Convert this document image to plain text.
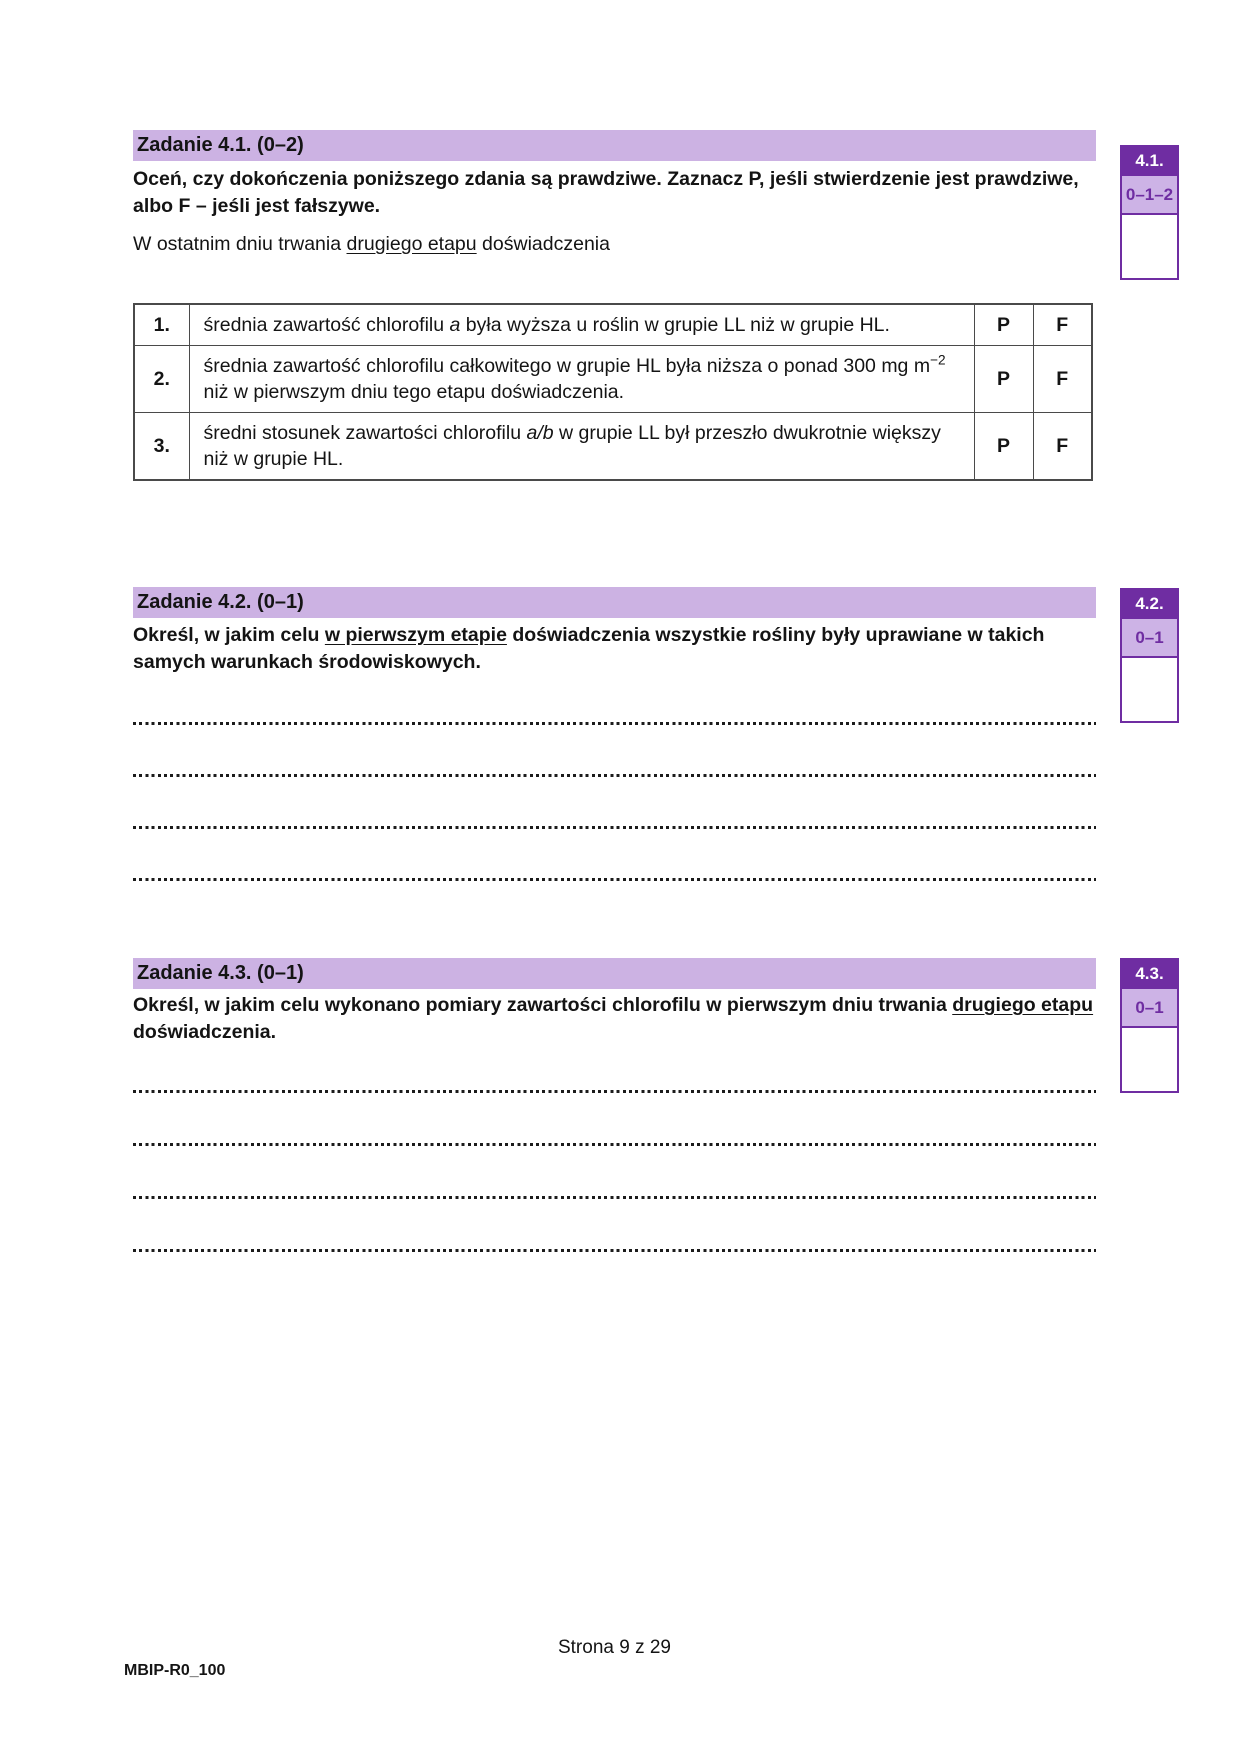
Zadanie 4.1. (0–2)
Oceń, czy dokończenia poniższego zdania są prawdziwe. Zaznacz P, jeśli stwierdzenie jest prawdziwe, albo F – jeśli jest fałszywe.
W ostatnim dniu trwania drugiego etapu doświadczenia
1.	średnia zawartość chlorofilu a była wyższa u roślin w grupie LL niż w grupie HL.	P	F
2.	średnia zawartość chlorofilu całkowitego w grupie HL była niższa o ponad 300 mg $m^{-2}$ niż w pierwszym dniu tego etapu doświadczenia.	P	F
3.	średni stosunek zawartości chlorofilu a/b w grupie LL był przeszło dwukrotnie większy niż w grupie HL.	P	F
4.1.
0–1–2
Zadanie 4.2. (0–1)
Określ, w jakim celu w pierwszym etapie doświadczenia wszystkie rośliny były uprawiane w takich samych warunkach środowiskowych.
4.2.
0–1
Zadanie 4.3. (0–1)
Określ, w jakim celu wykonano pomiary zawartości chlorofilu w pierwszym dniu trwania drugiego etapu doświadczenia.
4.3.
0–1
Strona 9 z 29
MBIP-R0_100
